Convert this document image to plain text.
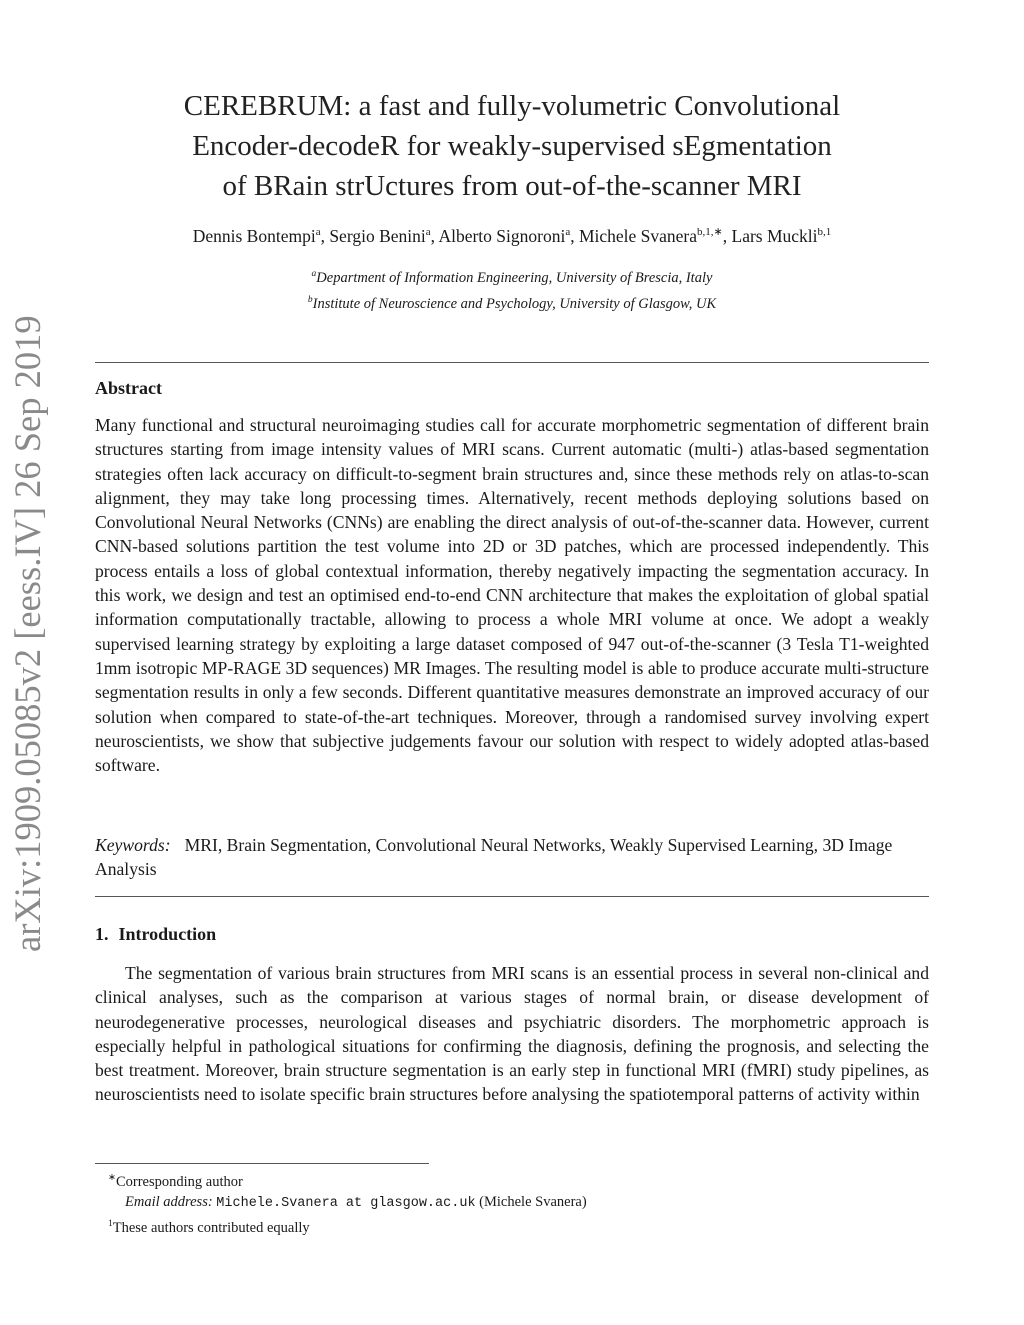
arXiv:1909.05085v2 [eess.IV] 26 Sep 2019
CEREBRUM: a fast and fully-volumetric Convolutional
Encoder-decodeR for weakly-supervised sEgmentation
of BRain strUctures from out-of-the-scanner MRI
Dennis Bontempi$^a$, Sergio Benini$^a$, Alberto Signoroni$^a$, Michele Svanera$^{b,1,∗}$, Lars Muckli$^{b,1}$
$^a$Department of Information Engineering, University of Brescia, Italy
$^b$Institute of Neuroscience and Psychology, University of Glasgow, UK
Abstract
Many functional and structural neuroimaging studies call for accurate morphometric segmentation of different brain structures starting from image intensity values of MRI scans. Current automatic (multi-) atlas-based segmentation strategies often lack accuracy on difficult-to-segment brain structures and, since these methods rely on atlas-to-scan alignment, they may take long processing times. Alternatively, recent methods deploying solutions based on Convolutional Neural Networks (CNNs) are enabling the direct analysis of out-of-the-scanner data. However, current CNN-based solutions partition the test volume into 2D or 3D patches, which are processed independently. This process entails a loss of global contextual information, thereby negatively impacting the segmentation accuracy. In this work, we design and test an optimised end-to-end CNN architecture that makes the exploitation of global spatial information computationally tractable, allowing to process a whole MRI volume at once. We adopt a weakly supervised learning strategy by exploiting a large dataset composed of 947 out-of-the-scanner (3 Tesla T1-weighted 1mm isotropic MP-RAGE 3D sequences) MR Images. The resulting model is able to produce accurate multi-structure segmentation results in only a few seconds. Different quantitative measures demonstrate an improved accuracy of our solution when compared to state-of-the-art techniques. Moreover, through a randomised survey involving expert neuroscientists, we show that subjective judgements favour our solution with respect to widely adopted atlas-based software.
Keywords: MRI, Brain Segmentation, Convolutional Neural Networks, Weakly Supervised Learning, 3D Image Analysis
1. Introduction
The segmentation of various brain structures from MRI scans is an essential process in several non-clinical and clinical analyses, such as the comparison at various stages of normal brain, or disease development of neurodegenerative processes, neurological diseases and psychiatric disorders. The morphometric approach is especially helpful in pathological situations for confirming the diagnosis, defining the prognosis, and selecting the best treatment. Moreover, brain structure segmentation is an early step in functional MRI (fMRI) study pipelines, as neuroscientists need to isolate specific brain structures before analysing the spatiotemporal patterns of activity within
∗Corresponding author
Email address: Michele.Svanera at glasgow.ac.uk (Michele Svanera)
$^1$These authors contributed equally
